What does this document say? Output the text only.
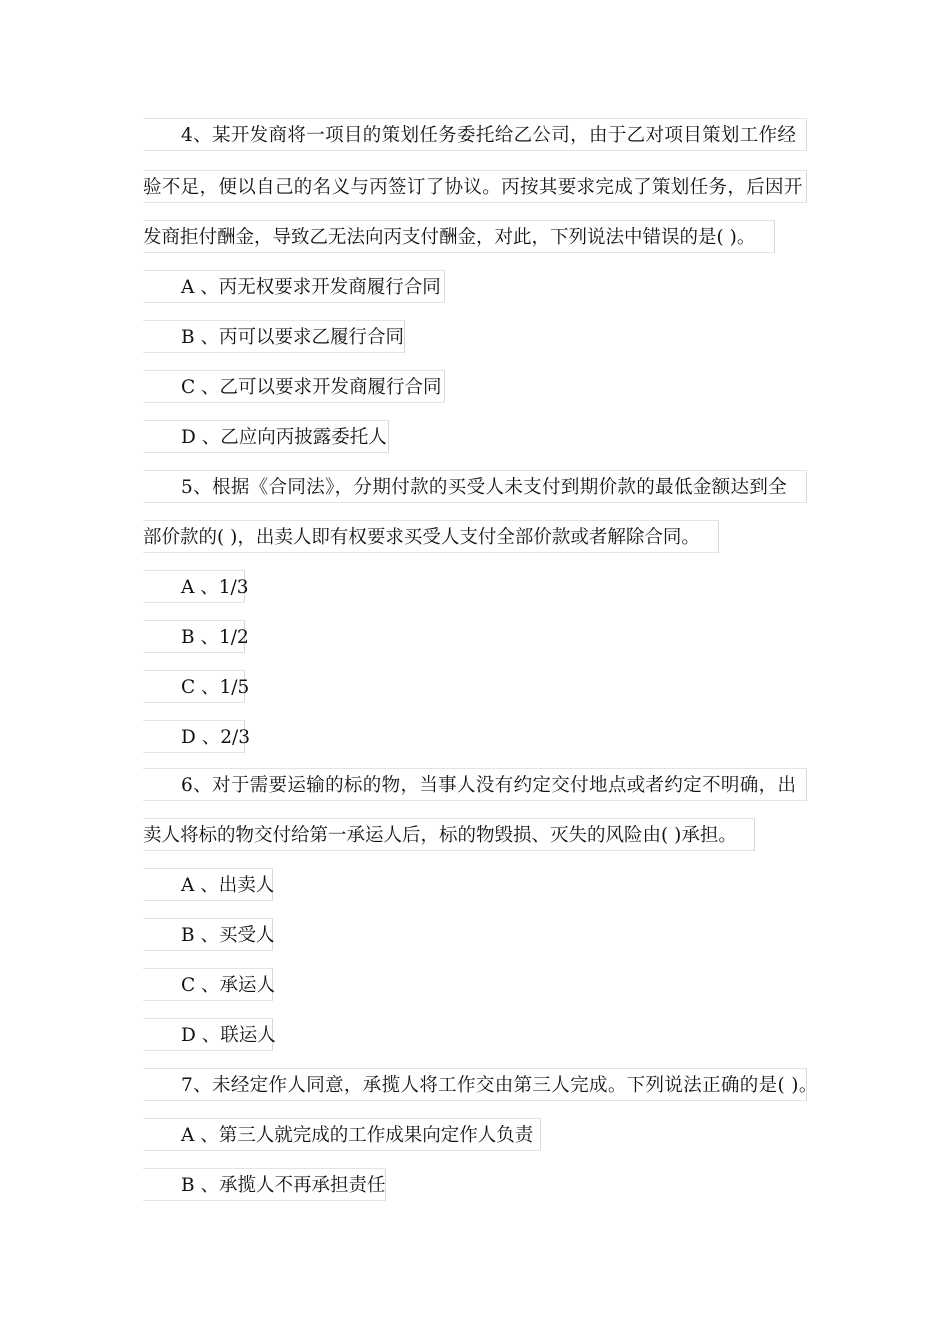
4、某开发商将一项目的策划任务委托给乙公司，由于乙对项目策划工作经
验不足，便以自己的名义与丙签订了协议。丙按其要求完成了策划任务，后因开
发商拒付酬金，导致乙无法向丙支付酬金，对此，下列说法中错误的是( )。
A 、丙无权要求开发商履行合同
B 、丙可以要求乙履行合同
C 、乙可以要求开发商履行合同
D 、乙应向丙披露委托人
5、根据《合同法》，分期付款的买受人未支付到期价款的最低金额达到全
部价款的( )，出卖人即有权要求买受人支付全部价款或者解除合同。
A 、1/3
B 、1/2
C 、1/5
D 、2/3
6、对于需要运输的标的物，当事人没有约定交付地点或者约定不明确，出
卖人将标的物交付给第一承运人后，标的物毁损、灭失的风险由( )承担。
A 、出卖人
B 、买受人
C 、承运人
D 、联运人
7、未经定作人同意，承揽人将工作交由第三人完成。下列说法正确的是( )。
A 、第三人就完成的工作成果向定作人负责
B 、承揽人不再承担责任
